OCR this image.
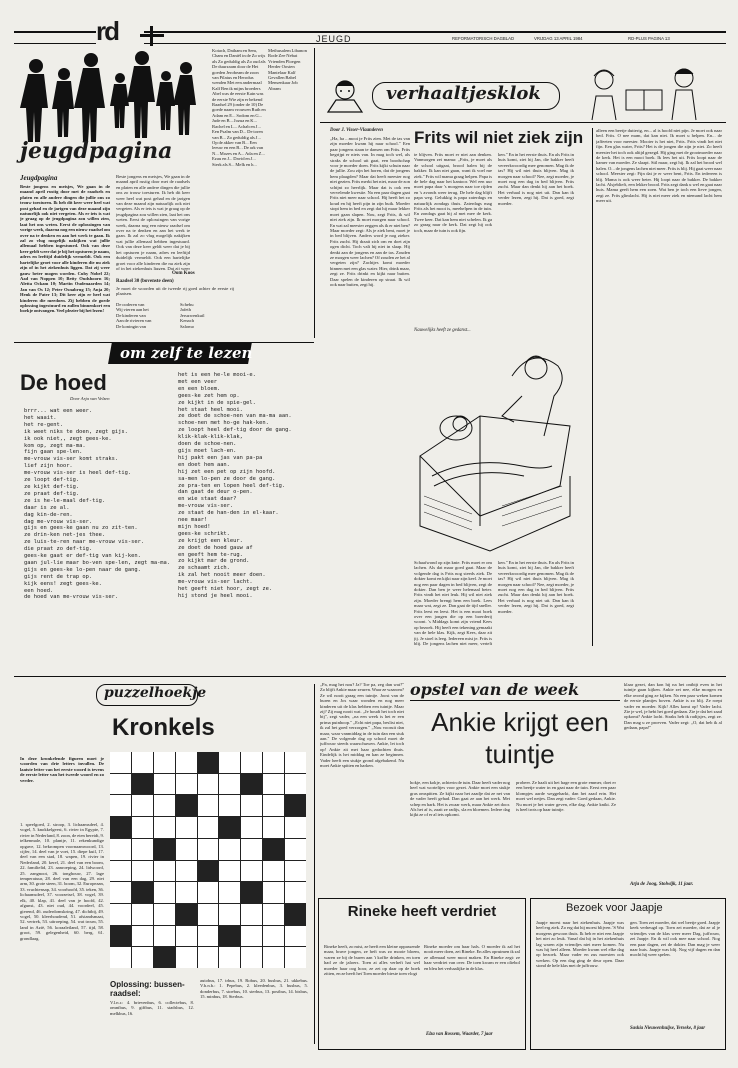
rd	JEUGD	REFORMATORISCH DAGBLAD	VRIJDAG 13 APRIL 1984	RD-PLUS PAGINA 13
jeugdpagina
Jeugdpagina
Beste jongens en meisjes, We gaan in de maand april rustig door met de raadsels en platen en alle andere dingen die jullie ons zo trouw toesturen. Ik heb dit keer weer heel wat post gehad en de jarigen van deze maand zijn natuurlijk ook niet vergeten. Als er iets is wat je graag op de jeugdpagina zou willen zien, laat het ons weten. Eerst de oplossingen van vorige week, daarna nog een nieuw raadsel om over na te denken en aan het werk te gaan. Ik zal zo vlug mogelijk nakijken wat jullie allemaal hebben ingestuurd. Ook van deze keer geldt weer dat je bij het opsturen je naam, adres en leeftijd duidelijk vermeldt. Ook een hartelijke groet voor alle kinderen die nu ziek zijn of in het ziekenhuis liggen. Dat zij weer gauw beter mogen worden. Cuby Nobel 22; Aad van Noppen 10; Betty Oudshoorn 16; Aletta Ockam 10; Martin Oudenaarden 14; Jan van Os 12; Peter Osnabrug 15; Anja 20; Henk de Pater 13; Dit keer zijn er heel wat kinderen die meedoen. Zij hebben de goede oplossing ingestuurd en zullen binnenkort een boekje ontvangen. Veel plezier bij het lezen!
Beste jongens en meisjes, We gaan in de maand april rustig door met de raadsels en platen en alle andere dingen die jullie ons zo trouw toesturen. Ik heb dit keer weer heel wat post gehad en de jarigen van deze maand zijn natuurlijk ook niet vergeten. Als er iets is wat je graag op de jeugdpagina zou willen zien, laat het ons weten. Eerst de oplossingen van vorige week, daarna nog een nieuw raadsel om over na te denken en aan het werk te gaan. Ik zal zo vlug mogelijk nakijken wat jullie allemaal hebben ingestuurd. Ook van deze keer geldt weer dat je bij het opsturen je naam, adres en leeftijd duidelijk vermeldt. Ook een hartelijke groet voor alle kinderen die nu ziek zijn of in het ziekenhuis liggen. Dat zij weer
Oom Koos
Raadsel 30 (bovenste deen)
Je moet de woorden uit de tweede rij goed achter de eerste rij plaatsen.
De ooderen van
Wij vieren aan het
De kinderen van
Aan de rivieren van
De koningin van
Schebu
Jafeth
Jeruzwenkuil
Kenach
Salomo
Kotach, Datham en Sem, Cham en Daniël in de Zo wijs als Zo geduldig als Zo oud als De duurzaam door de Het goeden Jerobeam de zoon van Pilatus en Herodus wenden Met een andermaal Kalf Ben ik mijns broeders Abel was de eerste Kain was de eerste Wie zijn er bekend Raadsel 29 (onder de 10) De goede naam vrouwen Ruth en Adam en E... Sodom en G... Jude en B... Jozua en K... Rachel en L... Achab en J... Een Psalm van D... De toren van B... Zo geduldig als J... Op de akker van B... Een leeuw en een B... De ark van N... Mozes en A... Ada en Z... Ezau en J... David en J... Sterk als S... Melk en h...
Methusalem Libanon Rode Zee Nebat Vrienden Ploegen Herder Oosten Mantelaar Kalf Gevallen Babel Mensenkaar Job Abram
om zelf te lezen
De hoed
Door Arja van Velzen
brrr... wat een weer.
het waait.
het re-gent.
ik weet niks te doen, zegt gijs.
ik ook niet,, zegt gees-ke.
kom op, zegt ma-ma.
fijn gaan spe-len.
me-vrouw vis-ser komt straks.
lief zijn hoor.
me-vrouw vis-ser is heel def-tig.
ze loopt def-tig.
ze kijkt def-tig.
ze praat def-tig.
ze is he-le-maal def-tig.
daar is ze al.
dag kin-de-ren.
dag me-vrouw vis-ser.
gijs en gees-ke gaan nu zo zit-ten.
ze drin-ken net-jes thee.
ze luis-te-ren naar me-vrouw vis-ser.
die praat zo def-tig.
gees-ke gaat er def-tig van kij-ken.
gaan jul-lie maar bo-ven spe-len, zegt ma-ma.
gijs en gees-ke lo-pen naar de gang.
gijs rent de trap op.
kijk eens! zegt gees-ke.
een hoed.
de hoed van me-vrouw vis-ser.
het is een he-le mooi-e.
met een veer
en een bloem.
gees-ke zet hem op.
ze kijkt in de spie-gel.
het staat heel mooi.
ze doet de schoe-nen van ma-ma aan.
schoe-nen met ho-ge hak-ken.
ze loopt heel def-tig door de gang.
klik-klak-klik-klak,
doen de schoe-nen.
gijs moet lach-en.
hij pakt een jas van pa-pa
en doet hem aan.
hij zet een pet op zijn hoofd.
sa-men lo-pen ze door de gang.
ze pra-ten en lopen heel def-tig.
dan gaat de deur o-pen.
en wie staat daar?
me-vrouw vis-ser.
ze staat de han-den in el-kaar.
nee maar!
mijn hoed!
gees-ke schrikt.
ze krijgt een kleur.
ze doet de hoed gauw af
en geeft hem te-rug.
zo kijkt mar de grond.
ze schaamt zich.
ik zal het nooit meer doen.
me-vrouw vis-ser lacht.
het geeft niet hoor, zegt ze.
hij stond je heel mooi.
verhaaltjesklok
Door J. Visser-Vlaanderen
„Ha, ha ...mooi je Frits zien. Met de tas van zijn moeder kwam hij naar school." Een paar jongens staan te dansen om Frits. Frits begrijpt er niets van. In mag toch wel, als straks de school uit gaat, een boodschap voor je moeder doen. Frits kijkt schuin naar de jullie. Zou zijn het horen, dat de jongens hem plaagden? Maar dat heeft meester nog niet gezien. Frits merkt het niet, maar de zon schijnt zo heerlijk. Maar dat is ook een vervelende kwestie. Na een paar dagen gaat Frits niet meer naar school. Hij heeft het zo koud en hij heeft pijn in zijn buik. Moeder stopt hem in bed en zegt dat hij maar lekker moet gaan slapen. Nou, zegt Frits, ik wil niet ziek zijn. Ik moet morgen naar school. En wat zal meester zeggen als ik er niet ben? Maar moeder zegt: Als je ziek bent, moet je in bed blijven. Anders word je nog zieker. Frits zucht. Hij draait zich om en doet zijn ogen dicht. Toch valt hij niet in slaap. Hij denkt aan de jongens en aan de tas. Zouden ze morgen weer lachen? Of zouden ze het al vergeten zijn? Zachtjes komt moeder binnen met een glas water. Hier, drink maar, zegt ze. Frits drinkt en kijkt naar buiten. Daar spelen de kinderen op straat. Ik wil ook naar buiten, zegt hij.
Frits wil niet ziek zijn
te blijven. Frits moet er niet aan denken. Vanmorgen zei mama: „Frits, je moet als de school uitgaat, brood halen bij de bakker. Ik kan niet gaan, want ik voel me ziek." Frits wil mama graag helpen. Papa is de hele dag naar het kantoor. Wel een uur moet papa daar 's morgens naar toe rijden en 's avonds weer terug. De hele dag blijft papa weg. Gelukkig is papa zaterdags en natuurlijk zondags thuis. Zaterdags mag Frits als het mooi is, meehelpen in de tuin. En zondags gaat hij al met mee de kerk. Twee keer. Dat kan hem niet schelen. Ik ga zo graag naar de kerk. Dat zegt hij ook toch, maar de tuin is ook fijn.
ken." En in het eerste thuis. En als Frits in huis komt, ziet hij Jan, die bakker heeft vereerkwoordig mee genomen. Mag ik de tas? Hij wil niet thuis blijven. Mag ik morgen naar school? Nee, zegt moeder, je moet nog een dag in bed blijven. Frits zucht. Maar dan denkt hij aan het boek. Het verhaal is nog niet uit. Dan kan ik verder lezen, zegt hij. Dat is goed, zegt moeder.
Nauwelijks heeft ze gedanst...
Schaafwond op zijn knie. Frits moet er om lachen. Als dat maar goed gaat. Maar de volgende dag is Frits nog steeds ziek. De dokter komt en kijkt naar zijn keel. Je moet nog een paar dagen in bed blijven, zegt de dokter. Dan ben je weer helemaal beter. Frits vindt het niet leuk. Hij wil niet ziek zijn. Moeder brengt hem een boek. Lees maar wat, zegt ze. Dan gaat de tijd sneller. Frits leest en leest. Het is een mooi boek over een jongen die op een boerderij woont. 's Middags komt zijn vriend Kees op bezoek. Hij heeft een tekening gemaakt van de hele klas. Kijk, zegt Kees, daar zit jij. Je stoel is leeg. Iedereen mist je. Frits is blij. De jongens lachen niet meer, vertelt
ken." En in het eerste thuis. En als Frits in huis komt, ziet hij Jan, die bakker heeft vereerkwoordig mee genomen. Mag ik de tas? Hij wil niet thuis blijven. Mag ik morgen naar school? Nee, zegt moeder, je moet nog een dag in bed blijven. Frits zucht. Maar dan denkt hij aan het boek. Het verhaal is nog niet uit. Dan kan ik verder lezen, zegt hij. Dat is goed, zegt moeder.
alleen een beetje dutterig, en... al is hoofd niet pijn. Je moet ook naar bed. Frits. O nee mam, dat kan niet. Ik moet u helpen. En... de jaffeeten voor meester. Mooier is het niet, Frits. Frits vindt het niet fijn. Een glas water, Frits? Het is de jongen die zijn je niet. Zo heeft meester het toch ook altijd gezegd. Hij ging met de grootmoeder naar de kerk. Het is een mooi boek. Ik lees het uit. Frits loopt naar de kamer van moeder. Ze slaapt. Stil maar, zegt hij. Ik zal het brood wel halen. O... de jongens lachen niet meer. Frits is blij. Hij gaat weer naar school. Meester zegt: Fijn dat je er weer bent, Frits. En iedereen is blij. Mama is ook weer beter. Hij loopt naar de bakker. De bakker lacht. Alsjeblieft, een lekker brood. Frits zegt dank u wel en gaat naar huis. Mama geeft hem een zoen. Wat ben je toch een lieve jongen, zegt ze. Frits glimlacht. Hij is niet meer ziek en niemand lacht hem meer uit.
puzzelhoekje
Kronkels
In deze kronkelende figuren moet je woorden van drie letters invullen. De laatste letter van het eerste woord is tevens de eerste letter van het tweede woord en zo verder.
1. speelgoed, 2. stroop, 3. lichaamsdeel, 4. vogel, 5. knokkelgeest, 6. rivier in Egypte, 7. rivier in Nederland, 8. zoon, de eten bereidt, 9. telkenmale, 10. plantje, 11. rekenkundige opgave, 12. bekrompen voornaamwoord, 13. cijfer, 14. deel van je voet, 15. diepe kuil, 17. deel van een stad, 18. wapen, 19. rivier in Nederland, 20. kerel, 21. deel van een boom, 22. familielid, 23. aanroeping, 24. lidwoord, 25. zangnoot, 26. tonghouw, 27. lage temperatuur, 28. deel van een dag, 29. niet arm, 30. grote steen, 31. boom, 32. Europeaan, 33. vruchtensap, 34. voorhoofd, 35. teken, 36. lichaamsdeel, 37. voorzetsel, 38. vogel, 39. elk, 40. klap, 41. deel van je hoofd, 42. afgunst, 43. niet oud, 44. voordeel, 45. gierend, 46. ouderdomskring, 47. dichtbij, 49. vogel, 50. kleerhoudend, 51. afstandsmaat, 52. vertrek, 53. uitroeping, 54. wat trouw, 55. land in Azië, 56. koraaleiland, 57. tijd, 58. groot, 59. gelegenheid, 60. berg, 61. grondlaag.
Oplossing: bussen-raadsel:
V.l.n.r.: 4. brievenbus, 6. collectebus, 8. omnibus, 9. giftbus, 11. stadsbus, 12. melkbus, 16.
autobus, 17. trbus, 19. Robus, 20. busbus, 21. ukkebus. V.b.n.b.: 1. Pepebus, 2. kleedenbus, 3. busbus, 5. donderbus, 7. stoebus, 10. sterbus, 13. postbus, 14. bisbus, 15. minbus, 18. Sterbus.
„Pa, mag het nou? Ja? Toe pa, zeg dan wat?" Zo blijft Ankie maar zeuren. Waar ze waarom? Ze wil nooit graag een tuintje. Joost van de buren en Jos waar wonden en nog meer kinderen uit de klas hebben een tuintje. Maar zij? Zij mag nooit wat. „Je houdt het toch niet bij", zegt vader, „na een week is het er een prima puinhoop." „Echt niet papa, beslist niet, ik zal het goed verzorgen." „Nou vooruit dan maar, waar vanmiddag in de tuin dan een stuk aan." De volgende dag op school moet de juffrouw steeds waarschuwen. Ankie, let toch op! Ankie zit met haar gedachten thuis. Eindelijk is het middag en kan ze beginnen. Vader heeft een stukje grond afgebakend. Nu moet Ankie spitten en harken.
opstel van de week
Ankie krijgt een tuintje
hokje, een kokje, achterin de tuin. Daar heeft vader nog heel wat worteltjes voor gezet. Ankie moet een stukje gras omspitten. Ze kijkt naar het zaadje dat ze net van de vader heeft gehad. Dan gaat ze aan het werk. Met schep en hark. Het is zwaar werk, maar Ankie zet door. Als het af is, zaait ze radijs, sla en bloemen. Iedere dag kijkt ze of er al iets opkomt.
probeer. Ze haalt uit het hage een grote emmer, doet er een beetje water in en gaat naar de tuin. Eerst een paar klompjes aarde weggeharkt, dan het zaad erin. Het moet wel netjes. Dan zegt vader: Goed gedaan, Ankie. Nu moet je het water geven, elke dag. Ankie knikt. Ze is heel trots op haar tuintje.
klaar gezet, dan kon hij na het ontbijt even in het tuintje gaan kijken. Ankie zei nee, elke morgen en elke avond ging ze kijken. Na een paar weken komen de eerste plantjes boven. Ankie is zo blij. Ze roept vader en moeder. Kijk! Alles komt op! Vader lacht. Zie je wel, je hebt het goed gedaan. Zie je dat het zaad opkomt? Ankie lacht. Straks heb ik radijsjes, zegt ze. Dan mag u ze proeven. Vader zegt: „O, dat heb ik al gedaan, papa!"
Arja de Joog, Stolwijk, 11 jaar.
Rineke heeft verdriet
Rineke heeft, zo mist, ze heeft een kleine oppassende maar, brave jongen, ze heft was zo mooie bloem, waren ze bij de buren aan 't koffie drinken, en toen had ze de jaloers. Toen at alles verheft hat wel moeder haar oog hoor, ze zei op daar op de boek zitten, en ze heeft het Toen moeder bieste toen vlogt
Rineke moeder om haar hals. O moeder ik zal het nooit meer doen, zei Rineke. En alles opruimen ik zal ze allemaal weer mooi maken. En Rineke zegt: ze haar verdriet van over. De toen kwam er een oliebol en bleu het verhaalijke in de klas.
Elza van Rossem, Waarder, 7 jaar
Bezoek voor Jaapje
Jaapje moest naar het ziekenhuis. Jaapje was heel erg ziek. Zo erg dat hij moest blijven. 'S Wat morgens gewoon thuis. Ik heb er niet een Jaapje het niet zo leuk. Vanaf dat hij in het ziekenhuis lag waren zijn vriendjes niet meer komen. Nu was hij heel alleen. Moeder kwam wel elke dag op bezoek. Maar vader en zus moesten ook werken. Op een dag ging de deur open. Daar stond de hele klas met de juffrouw.
gen. Toen zei moeder, dat wel beetje goed. Jaapje keek verheugd op. Toen zei moeder, dat ze al je vriendjes van de klas weer meer Dag, juffrouw, zei Jaapje. En ik wil ook mee naar school. Nog een paar dagen, zei de dokter. Dan mag je weer naar huis. Jaapje was blij. Nog vijf dagen en dan mocht hij weer spelen.
Saskia Nieuwenhuijse, Yerseke, 8 jaar
